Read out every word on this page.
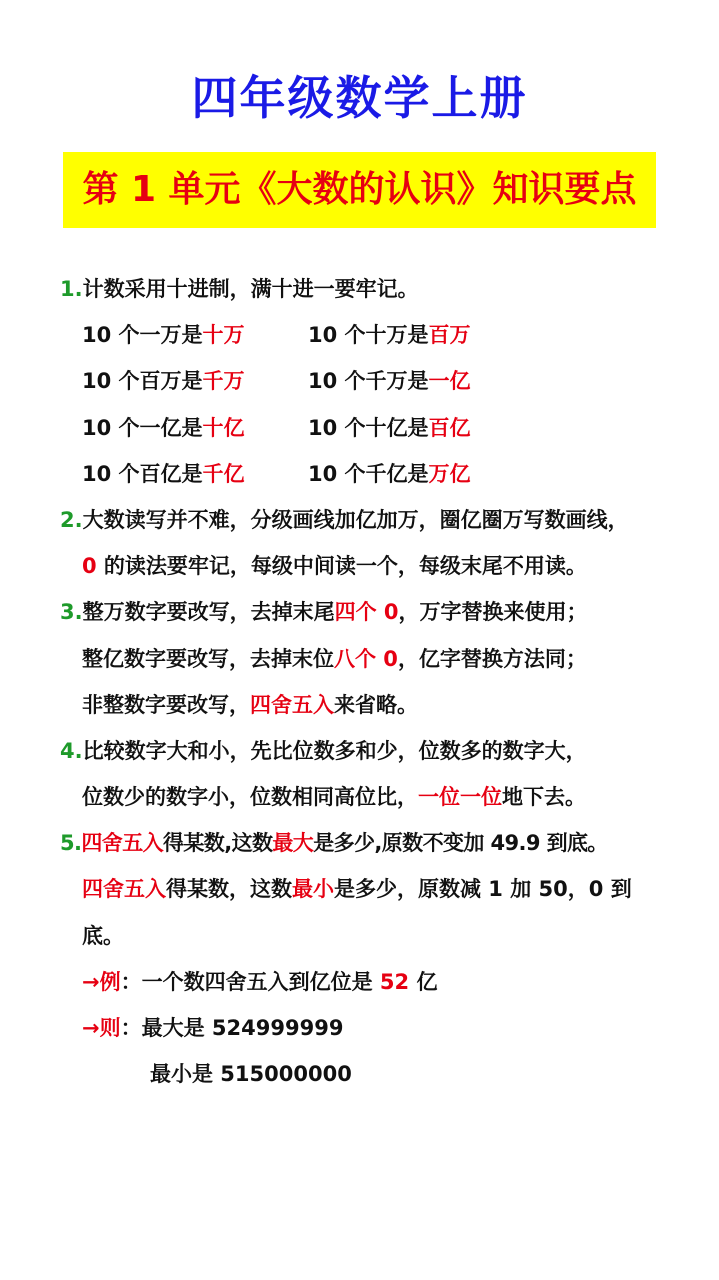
四年级数学上册
第 1 单元《大数的认识》知识要点
1.计数采用十进制，满十进一要牢记。
10 个一万是十万	10 个十万是百万
10 个百万是千万	10 个千万是一亿
10 个一亿是十亿	10 个十亿是百亿
10 个百亿是千亿	10 个千亿是万亿
2.大数读写并不难，分级画线加亿加万，圈亿圈万写数画线，
0 的读法要牢记，每级中间读一个，每级末尾不用读。
3.整万数字要改写，去掉末尾四个 0，万字替换来使用；
整亿数字要改写，去掉末位八个 0，亿字替换方法同；
非整数字要改写，四舍五入来省略。
4.比较数字大和小，先比位数多和少，位数多的数字大，
位数少的数字小，位数相同高位比，一位一位地下去。
5.四舍五入得某数,这数最大是多少,原数不变加 49.9 到底。
四舍五入得某数，这数最小是多少，原数减 1 加 50，0 到
底。
→例：一个数四舍五入到亿位是 52 亿
→则：最大是 524999999
最小是 515000000
